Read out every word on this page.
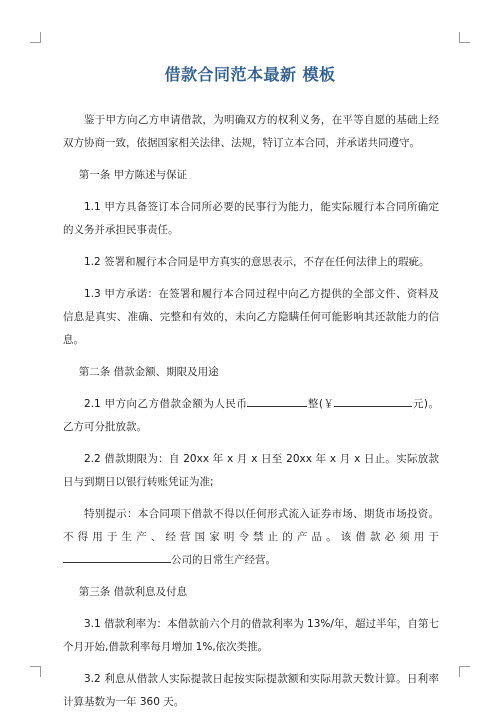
借款合同范本最新 模板

鉴于甲方向乙方申请借款，为明确双方的权利义务，在平等自愿的基础上经双方协商一致，依据国家相关法律、法规，特订立本合同，并承诺共同遵守。

第一条 甲方陈述与保证

1.1 甲方具备签订本合同所必要的民事行为能力，能实际履行本合同所确定的义务并承担民事责任。

1.2 签署和履行本合同是甲方真实的意思表示，不存在任何法律上的瑕疵。

1.3 甲方承诺：在签署和履行本合同过程中向乙方提供的全部文件、资料及信息是真实、准确、完整和有效的，未向乙方隐瞒任何可能影响其还款能力的信息。

第二条 借款金额、期限及用途

2.1 甲方向乙方借款金额为人民币	整(￥	元)。乙方可分批放款。

2.2 借款期限为：自 20xx 年 x 月 x 日至 20xx 年 x 月 x 日止。实际放款日与到期日以银行转账凭证为准;

特别提示：本合同项下借款不得以任何形式流入证券市场、期货市场投资。不得用于生产、经营国家明令禁止的产品。该借款必须用于公司的日常生产经营。

第三条 借款利息及付息

3.1 借款利率为：本借款前六个月的借款利率为 13%/年，超过半年，自第七个月开始,借款利率每月增加 1%,依次类推。

3.2 利息从借款人实际提款日起按实际提款额和实际用款天数计算。日利率计算基数为一年 360 天。
